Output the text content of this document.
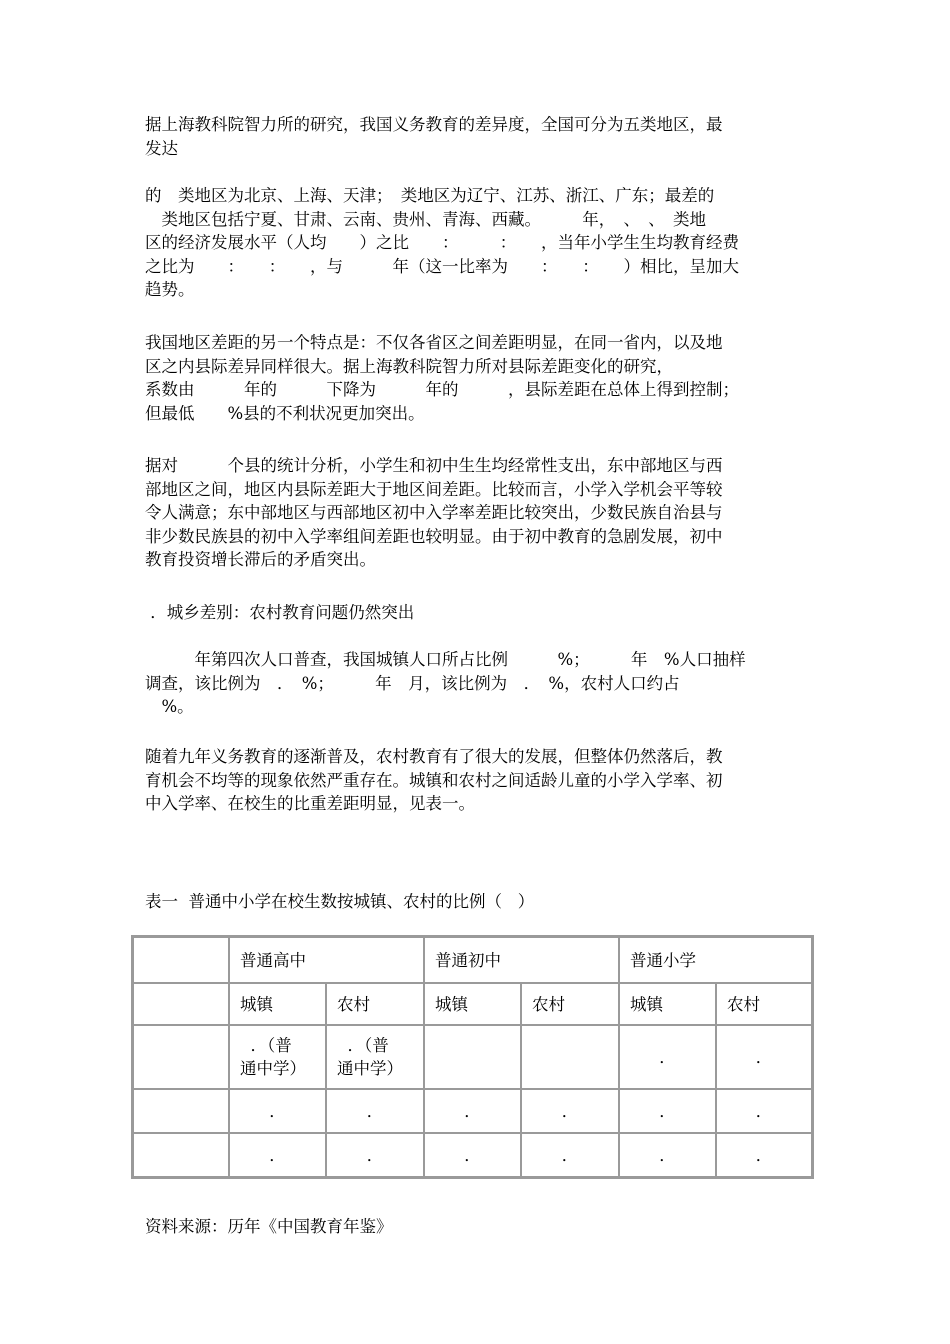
据上海教科院智力所的研究，我国义务教育的差异度，全国可分为五类地区，最
发达
的　类地区为北京、上海、天津；　类地区为辽宁、江苏、浙江、广东；最差的
　类地区包括宁夏、甘肃、云南、贵州、青海、西藏。　　　年，　、　、　类地
区的经济发展水平（人均　　）之比　　：　　　：　　，当年小学生生均教育经费
之比为　　：　　：　　，与　　　年（这一比率为　　：　　：　　）相比，呈加大
趋势。
我国地区差距的另一个特点是：不仅各省区之间差距明显，在同一省内，以及地
区之内县际差异同样很大。据上海教科院智力所对县际差距变化的研究，
系数由　　　年的　　　下降为　　　年的　　　，县际差距在总体上得到控制；
但最低　　%县的不利状况更加突出。
据对　　　个县的统计分析，小学生和初中生生均经常性支出，东中部地区与西
部地区之间，地区内县际差距大于地区间差距。比较而言，小学入学机会平等较
令人满意；东中部地区与西部地区初中入学率差距比较突出，少数民族自治县与
非少数民族县的初中入学率组间差距也较明显。由于初中教育的急剧发展，初中
教育投资增长滞后的矛盾突出。
．城乡差别：农村教育问题仍然突出
　　　年第四次人口普查，我国城镇人口所占比例　　　%；　　　年　%人口抽样
调查，该比例为　．　%；　　　年　月，该比例为　．　%，农村人口约占
　%。
随着九年义务教育的逐渐普及，农村教育有了很大的发展，但整体仍然落后，教
育机会不均等的现象依然严重存在。城镇和农村之间适龄儿童的小学入学率、初
中入学率、在校生的比重差距明显，见表一。
表一  普通中小学在校生数按城镇、农村的比例（   ）
	普通高中		普通初中		普通小学	
	城镇	农村	城镇	农村	城镇	农村

	．（普
通中学）	．（普
通中学）			．	．
	．	．	．	．	．	．
	．	．	．	．	．	．
资料来源：历年《中国教育年鉴》
